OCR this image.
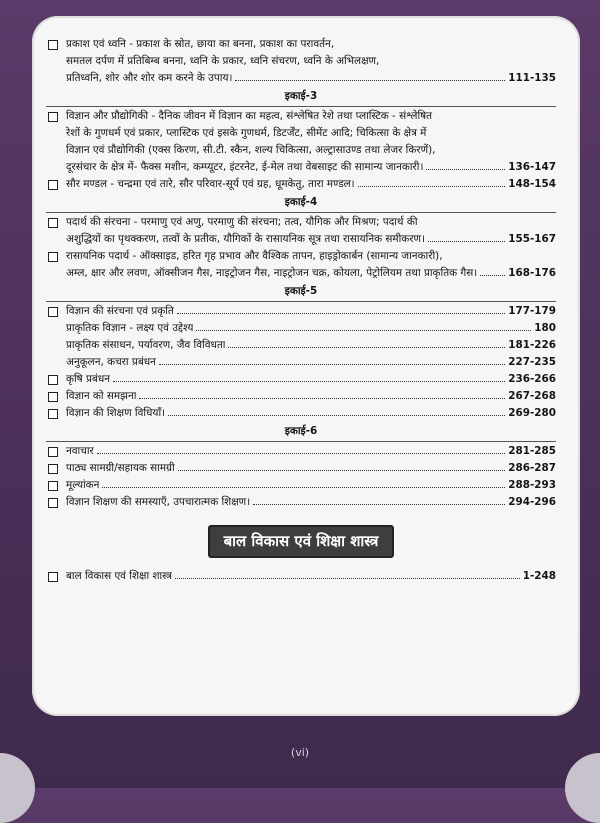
प्रकाश एवं ध्वनि - प्रकाश के स्रोत, छाया का बनना, प्रकाश का परावर्तन,
समतल दर्पण में प्रतिबिम्ब बनना, ध्वनि के प्रकार, ध्वनि संचरण, ध्वनि के अभिलक्षण,
प्रतिध्वनि, शोर और शोर कम करने के उपाय।	111-135
इकाई-3
विज्ञान और प्रौद्योगिकी - दैनिक जीवन में विज्ञान का महत्व, संश्लेषित रेशे तथा प्लास्टिक - संश्लेषित
रेशों के गुणधर्म एवं प्रकार, प्लास्टिक एवं इसके गुणधर्म, डिटर्जेंट, सीमेंट आदि; चिकित्सा के क्षेत्र में
विज्ञान एवं प्रौद्योगिकी (एक्स किरण, सी.टी. स्कैन, शल्य चिकित्सा, अल्ट्रासाउण्ड तथा लेजर किरणें),
दूरसंचार के क्षेत्र में- फैक्स मशीन, कम्प्यूटर, इंटरनेट, ई-मेल तथा वेबसाइट की सामान्य जानकारी।	136-147
सौर मण्डल - चन्द्रमा एवं तारे, सौर परिवार-सूर्य एवं ग्रह, धूमकेतु, तारा मण्डल।	148-154
इकाई-4
पदार्थ की संरचना - परमाणु एवं अणु, परमाणु की संरचना; तत्व, यौगिक और मिश्रण; पदार्थ की
अशुद्धियों का पृथक्करण, तत्वों के प्रतीक, यौगिकों के रासायनिक सूत्र तथा रासायनिक समीकरण।	155-167
रासायनिक पदार्थ - ऑक्साइड, हरित गृह प्रभाव और वैश्विक तापन, हाइड्रोकार्बन (सामान्य जानकारी),
अम्ल, क्षार और लवण, ऑक्सीजन गैस, नाइट्रोजन गैस, नाइट्रोजन चक्र, कोयला, पेट्रोलियम तथा प्राकृतिक गैस।	168-176
इकाई-5
विज्ञान की संरचना एवं प्रकृति	177-179
प्राकृतिक विज्ञान - लक्ष्य एवं उद्देश्य	180
प्राकृतिक संसाधन, पर्यावरण, जैव विविधता	181-226
अनुकूलन, कचरा प्रबंधन	227-235
कृषि प्रबंधन	236-266
विज्ञान को समझना	267-268
विज्ञान की शिक्षण विधियाँ।	269-280
इकाई-6
नवाचार	281-285
पाठ्य सामग्री/सहायक सामग्री	286-287
मूल्यांकन	288-293
विज्ञान शिक्षण की समस्याएँ, उपचारात्मक शिक्षण।	294-296
बाल विकास एवं शिक्षा शास्त्र
बाल विकास एवं शिक्षा शास्त्र	1-248
(vi)
